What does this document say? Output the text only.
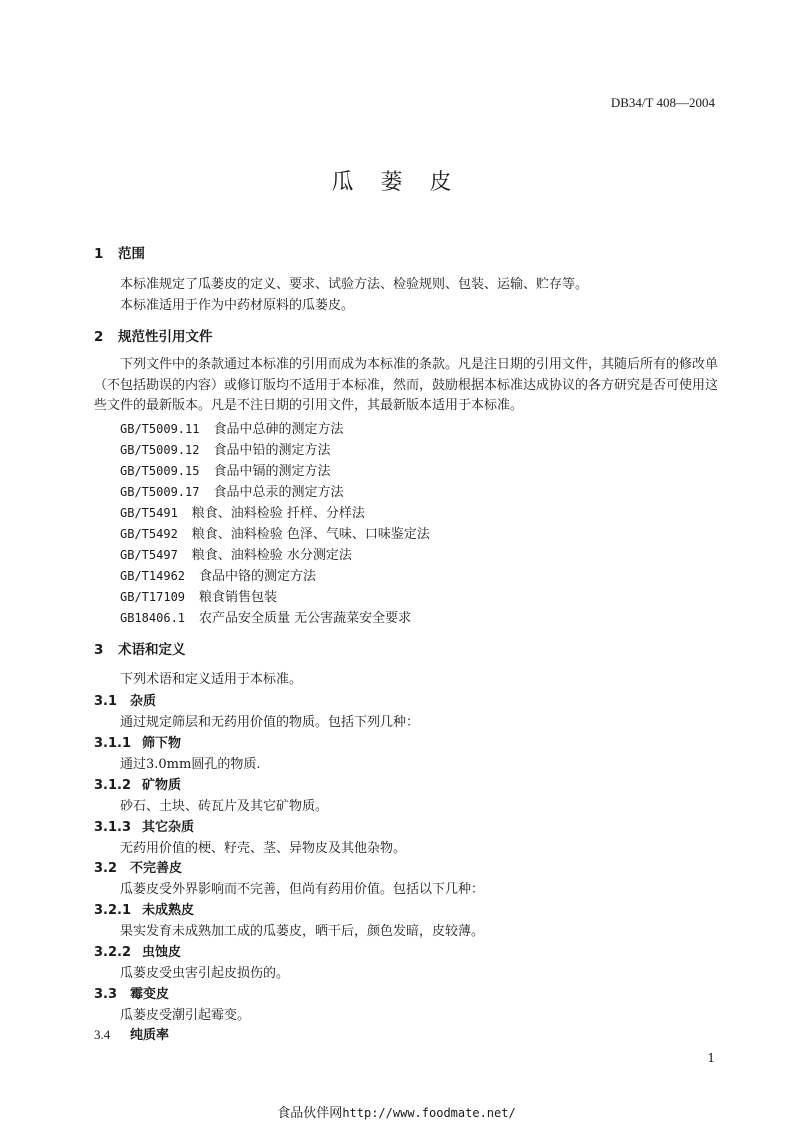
DB34/T 408—2004
瓜 蒌 皮
1 范围
本标准规定了瓜蒌皮的定义、要求、试验方法、检验规则、包装、运输、贮存等。
本标准适用于作为中药材原料的瓜蒌皮。
2 规范性引用文件
下列文件中的条款通过本标准的引用而成为本标准的条款。凡是注日期的引用文件，其随后所有的修改单（不包括勘误的内容）或修订版均不适用于本标准，然而，鼓励根据本标准达成协议的各方研究是否可使用这些文件的最新版本。凡是不注日期的引用文件，其最新版本适用于本标准。
GB/T5009.11 食品中总砷的测定方法
GB/T5009.12 食品中铅的测定方法
GB/T5009.15 食品中镉的测定方法
GB/T5009.17 食品中总汞的测定方法
GB/T5491 粮食、油料检验 扦样、分样法
GB/T5492 粮食、油料检验 色泽、气味、口味鉴定法
GB/T5497 粮食、油料检验 水分测定法
GB/T14962 食品中铬的测定方法
GB/T17109 粮食销售包装
GB18406.1 农产品安全质量 无公害蔬菜安全要求
3 术语和定义
下列术语和定义适用于本标准。
3.1 杂质
通过规定筛层和无药用价值的物质。包括下列几种：
3.1.1 筛下物
通过3.0mm圆孔的物质.
3.1.2 矿物质
砂石、土块、砖瓦片及其它矿物质。
3.1.3 其它杂质
无药用价值的梗、籽壳、茎、异物皮及其他杂物。
3.2 不完善皮
瓜蒌皮受外界影响而不完善，但尚有药用价值。包括以下几种：
3.2.1 未成熟皮
果实发育未成熟加工成的瓜蒌皮，晒干后，颜色发暗，皮较薄。
3.2.2 虫蚀皮
瓜蒌皮受虫害引起皮损伤的。
3.3 霉变皮
瓜蒌皮受潮引起霉变。
3.4 纯质率
1
食品伙伴网http://www.foodmate.net/
